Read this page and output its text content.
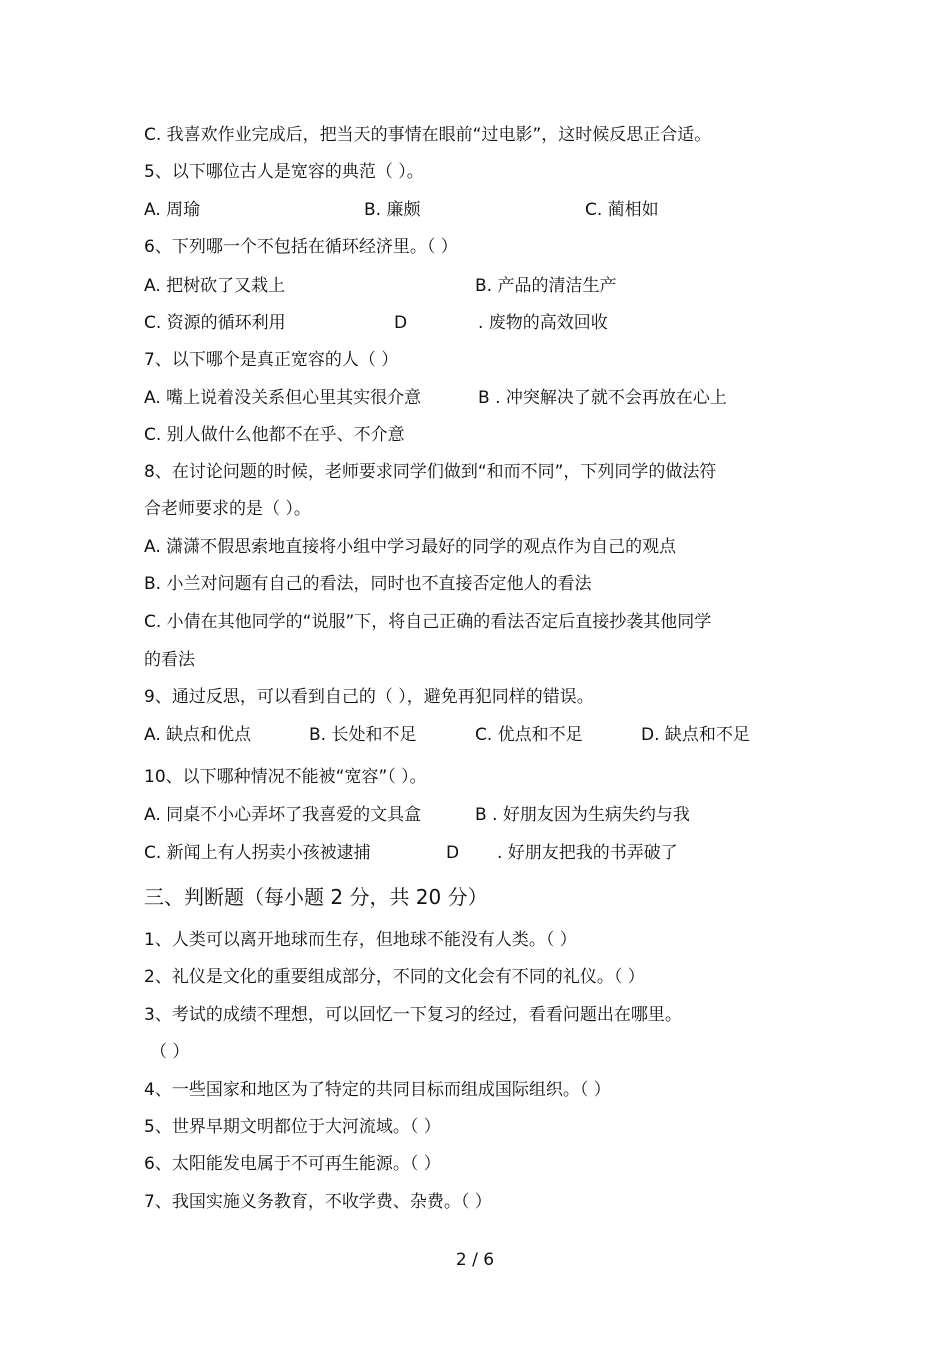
C. 我喜欢作业完成后，把当天的事情在眼前“过电影”，这时候反思正合适。
5、以下哪位古人是宽容的典范（ ）。
A. 周瑜	B. 廉颇	C. 蔺相如
6、下列哪一个不包括在循环经济里。（ ）
A. 把树砍了又栽上	B. 产品的清洁生产
C. 资源的循环利用	D	. 废物的高效回收
7、以下哪个是真正宽容的人（ ）
A. 嘴上说着没关系但心里其实很介意	B . 冲突解决了就不会再放在心上
C. 别人做什么他都不在乎、不介意
8、在讨论问题的时候，老师要求同学们做到“和而不同”，下列同学的做法符
合老师要求的是（ ）。
A. 潇潇不假思索地直接将小组中学习最好的同学的观点作为自己的观点
B. 小兰对问题有自己的看法，同时也不直接否定他人的看法
C. 小倩在其他同学的“说服”下，将自己正确的看法否定后直接抄袭其他同学
的看法
9、通过反思，可以看到自己的（ ），避免再犯同样的错误。
A. 缺点和优点	B. 长处和不足	C. 优点和不足	D. 缺点和不足
10、以下哪种情况不能被“宽容”（ ）。
A. 同桌不小心弄坏了我喜爱的文具盒	B . 好朋友因为生病失约与我
C. 新闻上有人拐卖小孩被逮捕	D . 好朋友把我的书弄破了
三、判断题（每小题 2 分，共 20 分）
1、人类可以离开地球而生存，但地球不能没有人类。（ ）
2、礼仪是文化的重要组成部分，不同的文化会有不同的礼仪。（ ）
3、考试的成绩不理想，可以回忆一下复习的经过，看看问题出在哪里。
（ ）
4、一些国家和地区为了特定的共同目标而组成国际组织。（ ）
5、世界早期文明都位于大河流域。（ ）
6、太阳能发电属于不可再生能源。（ ）
7、我国实施义务教育，不收学费、杂费。（ ）
2 / 6
